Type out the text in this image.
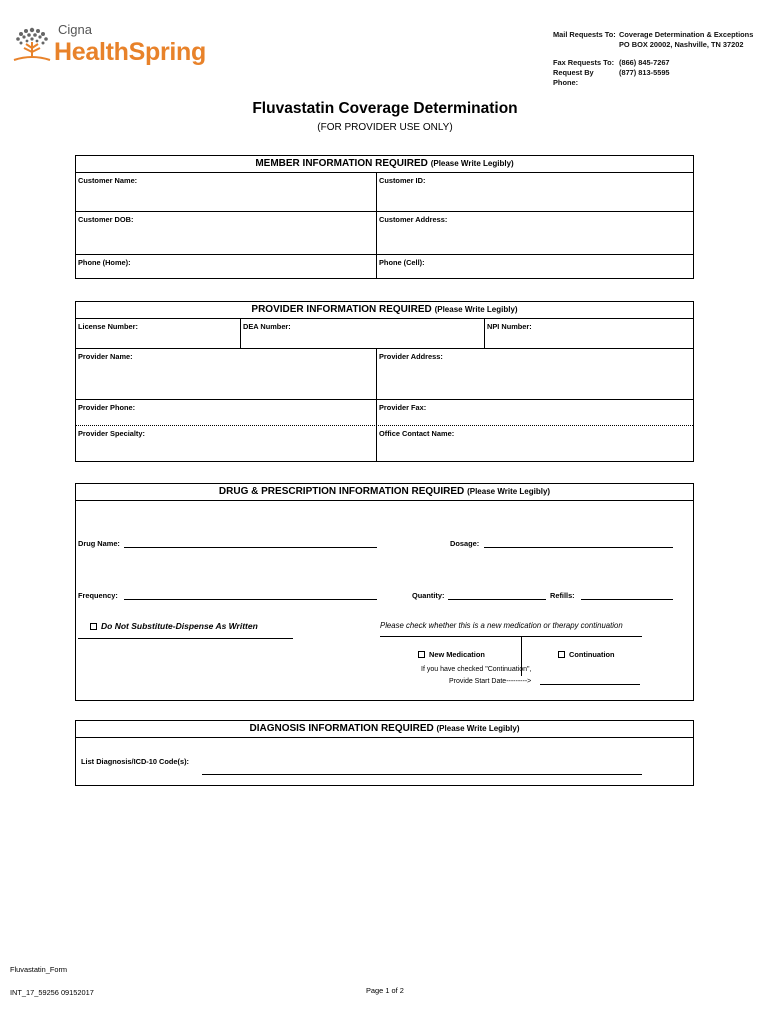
Cigna
HealthSpring
Mail Requests To: Coverage Determination & Exceptions
PO BOX 20002, Nashville, TN 37202
Fax Requests To: (866) 845-7267
Request By Phone:
(877) 813-5595
Fluvastatin Coverage Determination
(FOR PROVIDER USE ONLY)
MEMBER INFORMATION REQUIRED (Please Write Legibly)
Customer Name:	Customer ID:
Customer DOB:	Customer Address:
Phone (Home):	Phone (Cell):
PROVIDER INFORMATION REQUIRED (Please Write Legibly)
License Number:	DEA Number:	NPI Number:
Provider Name:	Provider Address:
Provider Phone:	Provider Fax:
Provider Specialty:	Office Contact Name:
DRUG & PRESCRIPTION INFORMATION REQUIRED (Please Write Legibly)
Drug Name:	Dosage:
Frequency:	Quantity:	Refills:
Do Not Substitute-Dispense As Written	Please check whether this is a new medication or therapy continuation
New Medication	Continuation
If you have checked "Continuation",
Provide Start Date--------->
DIAGNOSIS INFORMATION REQUIRED (Please Write Legibly)
List Diagnosis/ICD-10 Code(s):
Fluvastatin_Form
INT_17_59256 09152017	Page 1 of 2
